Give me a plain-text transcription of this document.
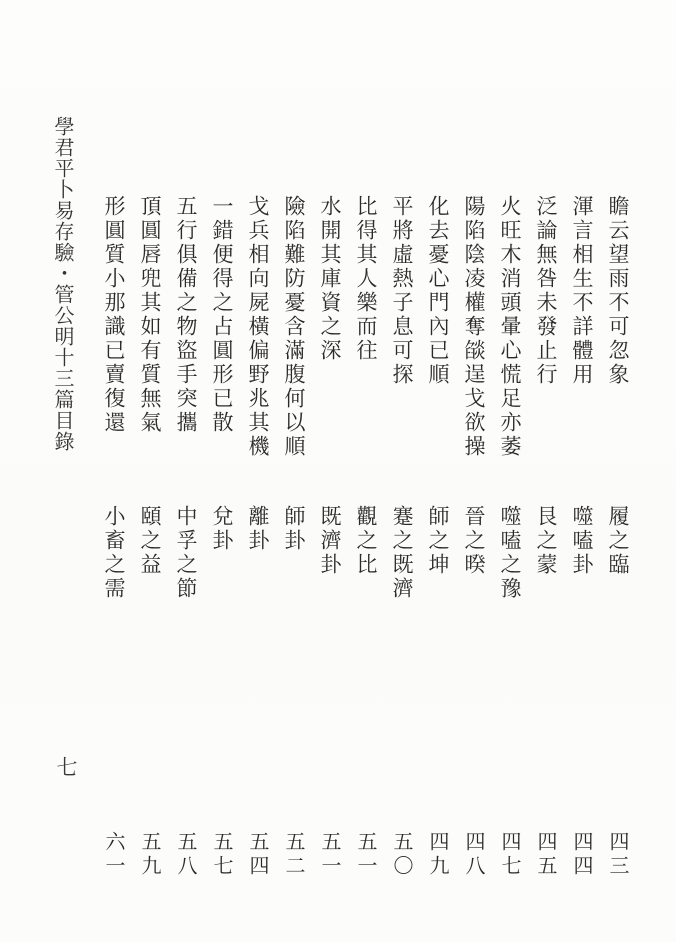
學君平卜易存驗・管公明十三篇目錄	瞻云望雨不可忽象
履之臨
渾言相生不詳體用
噬嗑卦
泛論無咎未發止行
艮之蒙
火旺木消頭暈心慌足亦萎
噬嗑之豫
陽陷陰凌權奪燄逞戈欲操
晉之暌
化去憂心門內已順
師之坤
平將虛熱子息可探
蹇之既濟
比得其人樂而往
觀之比
水開其庫資之深
既濟卦
險陷難防憂含滿腹何以順
師卦
戈兵相向屍橫偏野兆其機
離卦
一錯便得之占圓形已散
兌卦
五行俱備之物盜手突攜
中孚之節
頂圓唇兜其如有質無氣
頤之益
形圓質小那識已賣復還
小畜之需
七
四三
四四
四五
四七
四八
四九
五〇
五一
五一
五二
五四
五七
五八
五九
六一
